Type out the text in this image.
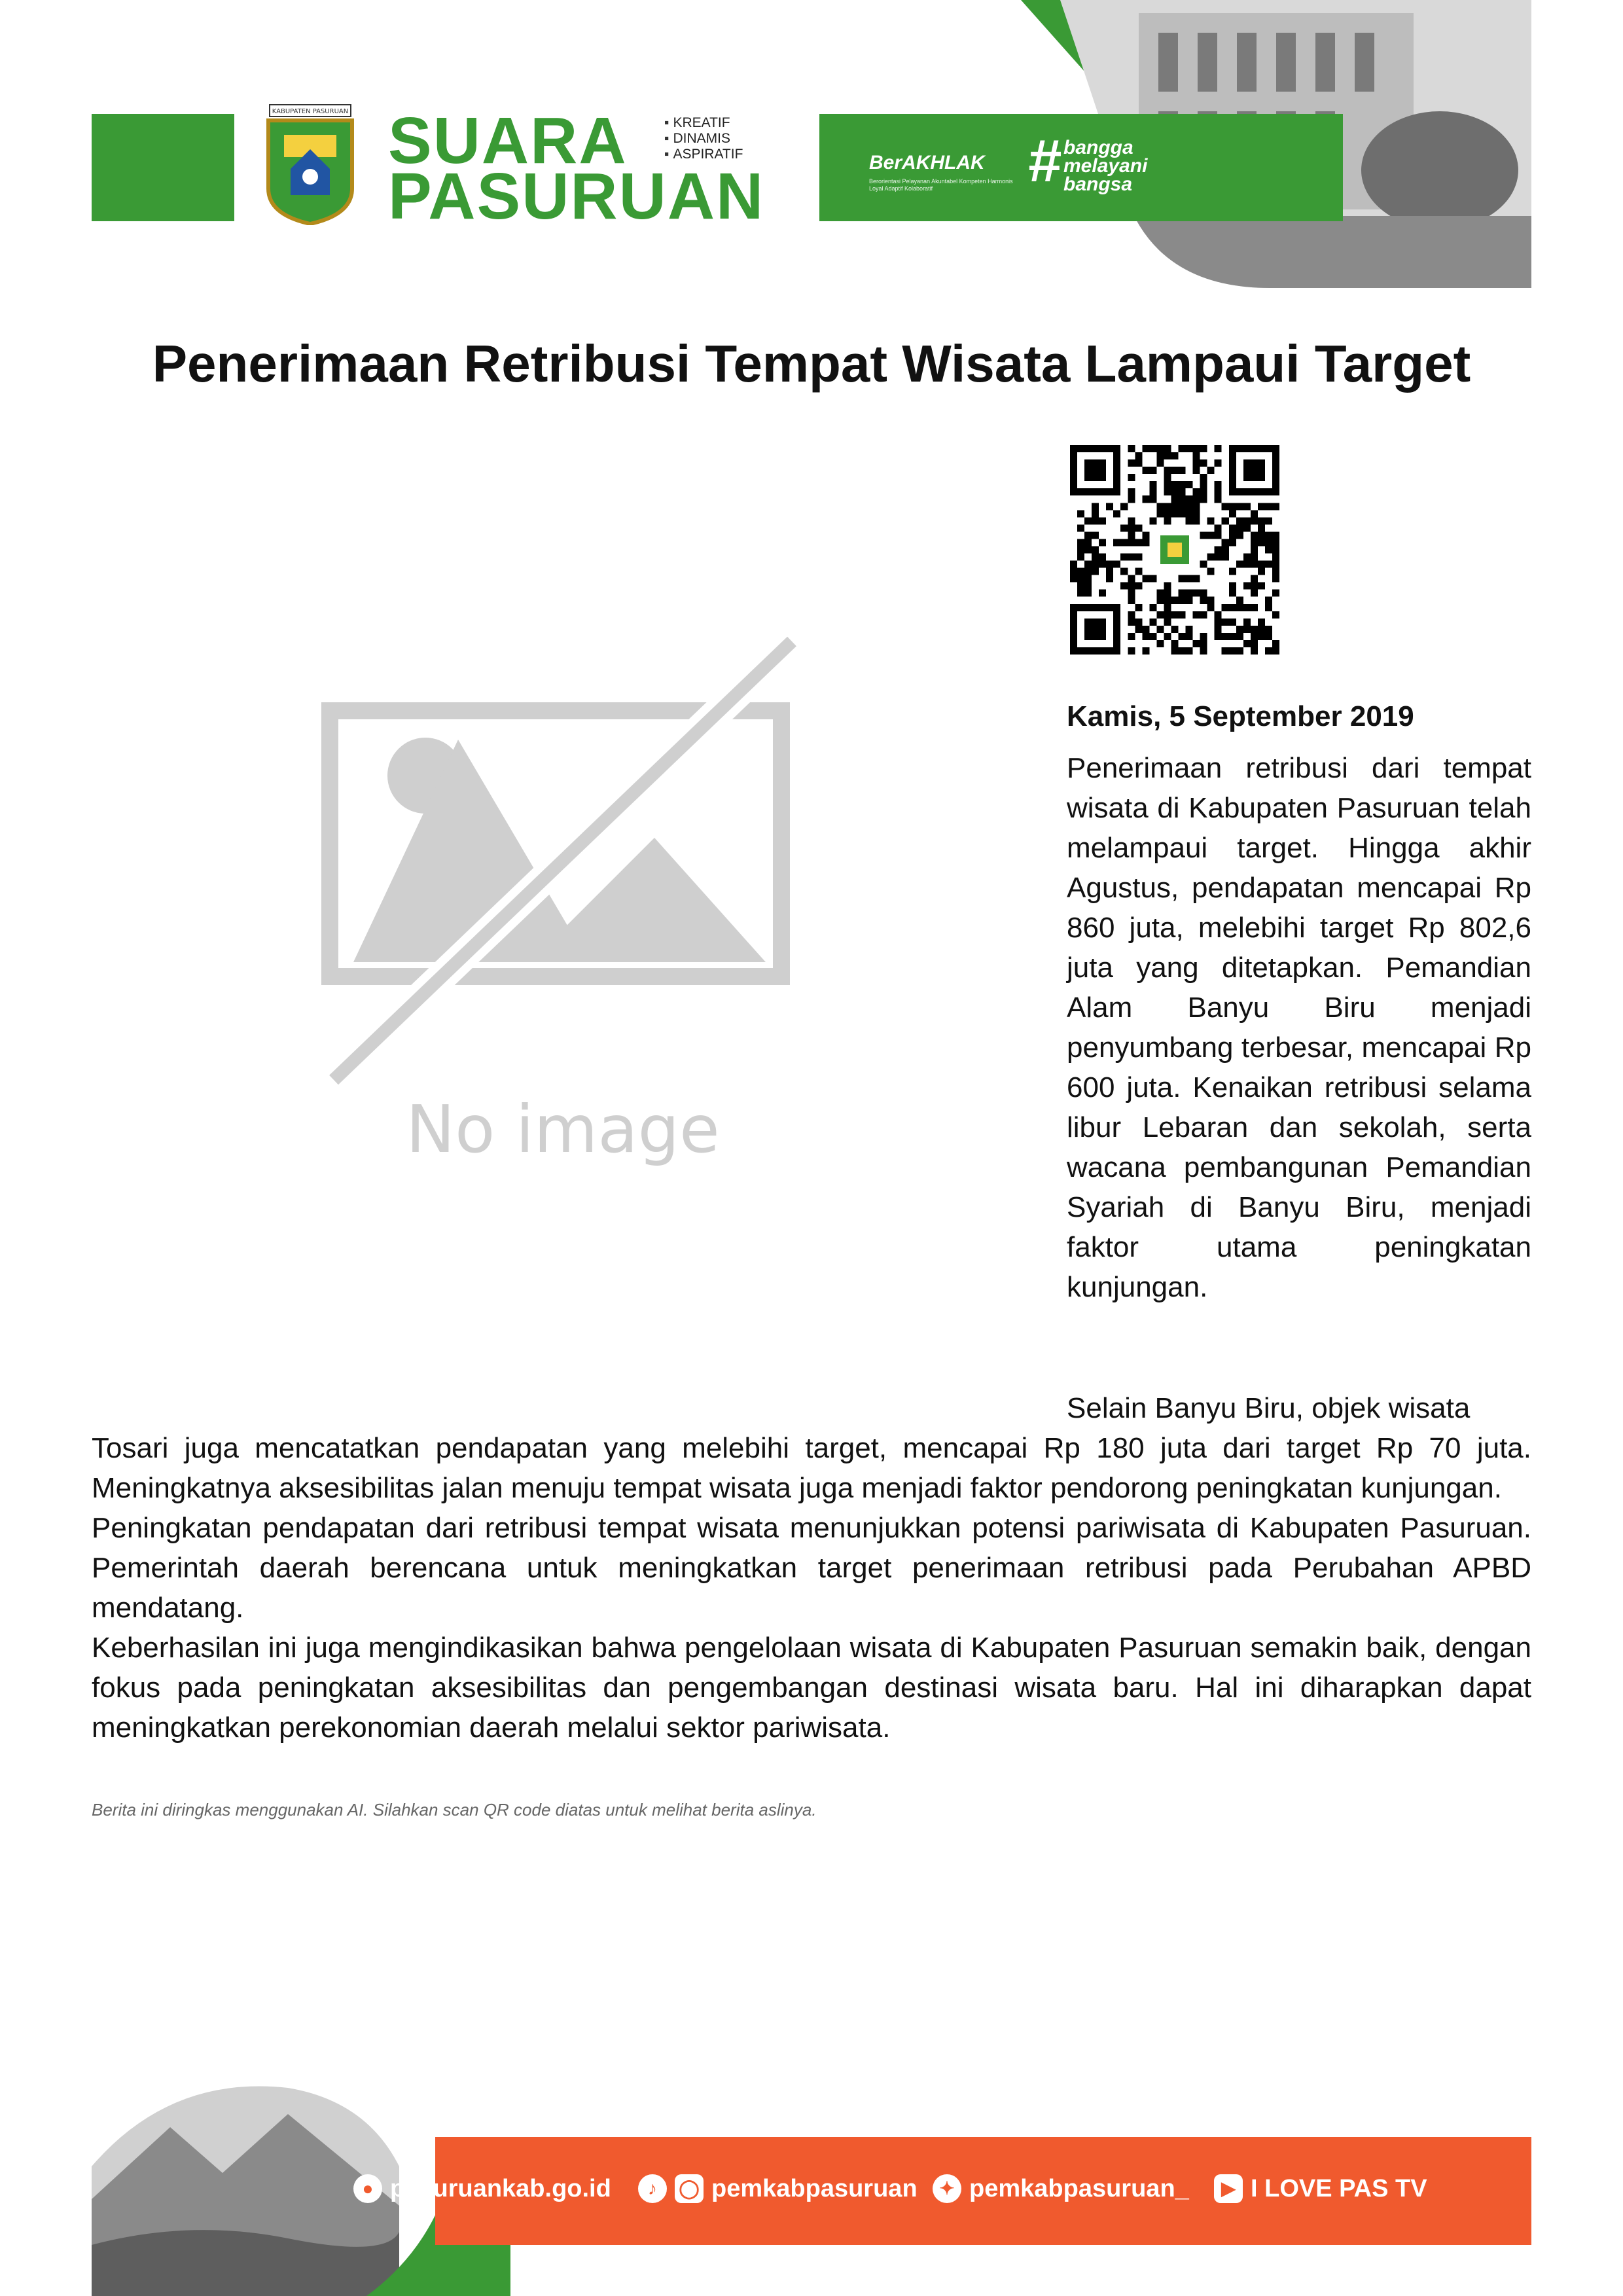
KABUPATEN PASURUAN SUARA
PASURUAN
▪ KREATIF
▪ DINAMIS
▪ ASPIRATIF	BerAKHLAK
Berorientasi Pelayanan Akuntabel Kompeten Harmonis Loyal Adaptif Kolaboratif	# bangga
melayani
bangsa
Penerimaan Retribusi Tempat Wisata Lampaui Target
No image
Kamis, 5 September 2019

Penerimaan retribusi dari tempat wisata di Kabupaten Pasuruan telah melampaui target. Hingga akhir Agustus, pendapatan mencapai Rp 860 juta, melebihi target Rp 802,6 juta yang ditetapkan. Pemandian Alam Banyu Biru menjadi penyumbang terbesar, mencapai Rp 600 juta. Kenaikan retribusi selama libur Lebaran dan sekolah, serta wacana pembangunan Pemandian Syariah di Banyu Biru, menjadi faktor utama peningkatan kunjungan.

Selain Banyu Biru, objek wisata

Tosari juga mencatatkan pendapatan yang melebihi target, mencapai Rp 180 juta dari target Rp 70 juta. Meningkatnya aksesibilitas jalan menuju tempat wisata juga menjadi faktor pendorong peningkatan kunjungan.

Peningkatan pendapatan dari retribusi tempat wisata menunjukkan potensi pariwisata di Kabupaten Pasuruan. Pemerintah daerah berencana untuk meningkatkan target penerimaan retribusi pada Perubahan APBD mendatang.

Keberhasilan ini juga mengindikasikan bahwa pengelolaan wisata di Kabupaten Pasuruan semakin baik, dengan fokus pada peningkatan aksesibilitas dan pengembangan destinasi wisata baru. Hal ini diharapkan dapat meningkatkan perekonomian daerah melalui sektor pariwisata.

Berita ini diringkas menggunakan AI. Silahkan scan QR code diatas untuk melihat berita aslinya.
● pasuruankab.go.id	♪	◯ pemkabpasuruan	✦ pemkabpasuruan_	▶ I LOVE PAS TV
